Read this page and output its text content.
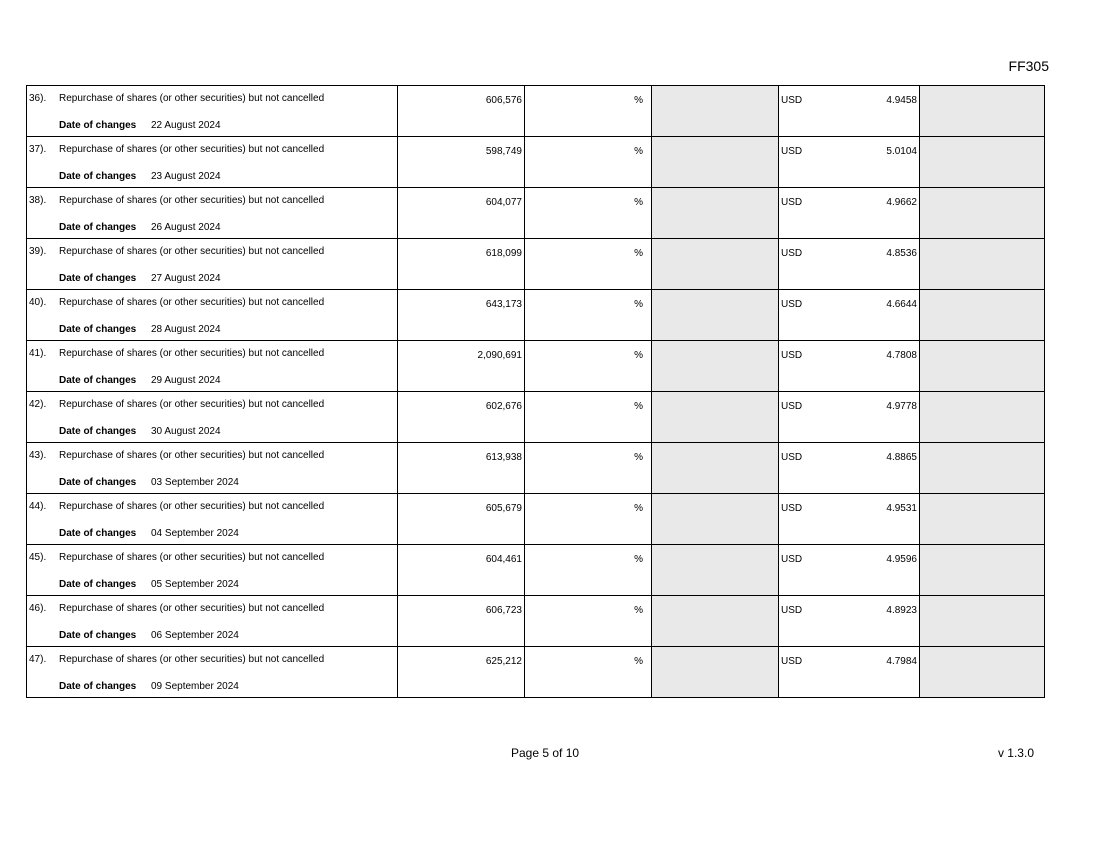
FF305
36). Repurchase of shares (or other securities) but not cancelled
Date of changes 22 August 2024	606,576	%		USD 4.9458	

37). Repurchase of shares (or other securities) but not cancelled
Date of changes 23 August 2024	598,749	%		USD 5.0104	

38). Repurchase of shares (or other securities) but not cancelled
Date of changes 26 August 2024	604,077	%		USD 4.9662	

39). Repurchase of shares (or other securities) but not cancelled
Date of changes 27 August 2024	618,099	%		USD 4.8536	

40). Repurchase of shares (or other securities) but not cancelled
Date of changes 28 August 2024	643,173	%		USD 4.6644	

41). Repurchase of shares (or other securities) but not cancelled
Date of changes 29 August 2024	2,090,691	%		USD 4.7808	

42). Repurchase of shares (or other securities) but not cancelled
Date of changes 30 August 2024	602,676	%		USD 4.9778	

43). Repurchase of shares (or other securities) but not cancelled
Date of changes 03 September 2024	613,938	%		USD 4.8865	

44). Repurchase of shares (or other securities) but not cancelled
Date of changes 04 September 2024	605,679	%		USD 4.9531	

45). Repurchase of shares (or other securities) but not cancelled
Date of changes 05 September 2024	604,461	%		USD 4.9596	

46). Repurchase of shares (or other securities) but not cancelled
Date of changes 06 September 2024	606,723	%		USD 4.8923	

47). Repurchase of shares (or other securities) but not cancelled
Date of changes 09 September 2024	625,212	%		USD 4.7984	

Page 5 of 10	v 1.3.0
